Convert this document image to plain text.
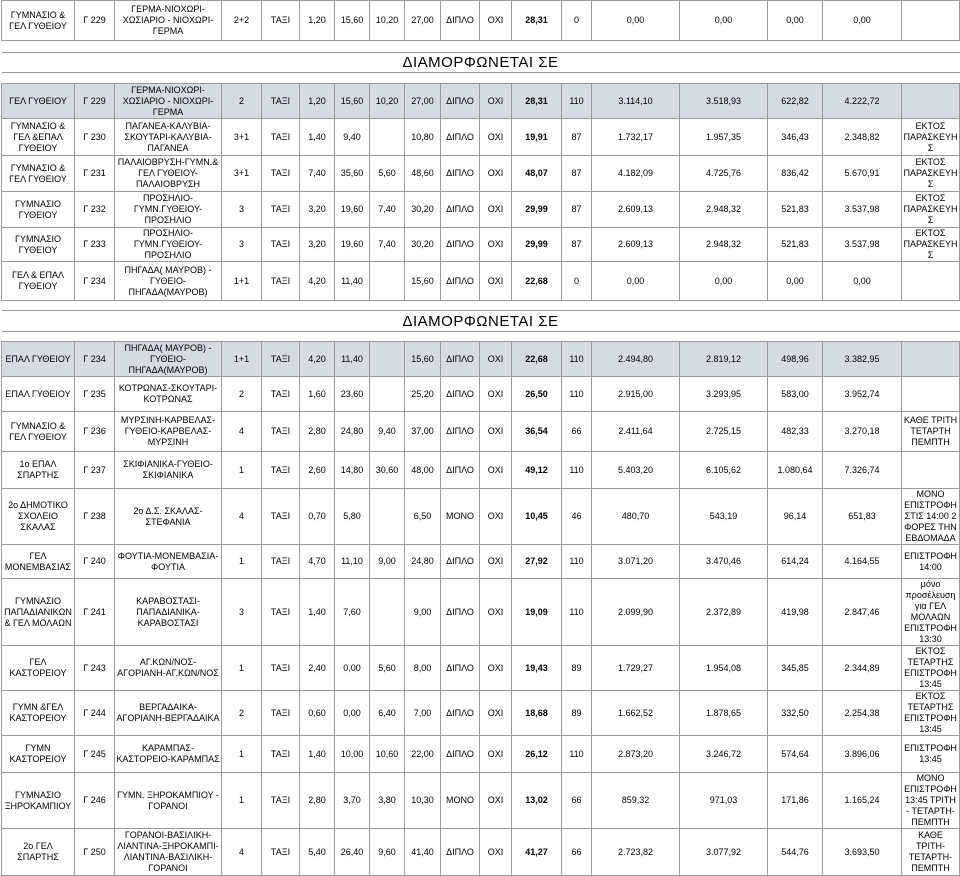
ΓΥΜΝΑΣΙΟ & ΓΕΛ ΓΥΘΕΙΟΥ	Γ 229	ΓΕΡΜΑ-ΝΙΟΧΩΡΙ-ΧΩΣΙΑΡΙΟ - ΝΙΟΧΩΡΙ-ΓΕΡΜΑ	2+2	ΤΑΞΙ	1,20	15,60	10,20	27,00	ΔΙΠΛΟ	ΟΧΙ	28,31	0	0,00	0,00	0,00	0,00	

ΔΙΑΜΟΡΦΩΝΕΤΑΙ ΣΕ																	

ΓΕΛ ΓΥΘΕΙΟΥ	Γ 229	ΓΕΡΜΑ-ΝΙΟΧΩΡΙ-ΧΩΣΙΑΡΙΟ - ΝΙΟΧΩΡΙ-ΓΕΡΜΑ	2	ΤΑΞΙ	1,20	15,60	10,20	27,00	ΔΙΠΛΟ	ΟΧΙ	28,31	110	3.114,10	3.518,93	622,82	4.222,72	
ΓΥΜΝΑΣΙΟ & ΓΕΛ &ΕΠΑΛ ΓΥΘΕΙΟΥ	Γ 230	ΠΑΓΑΝΕΑ-ΚΑΛΥΒΙΑ-ΣΚΟΥΤΑΡΙ-ΚΑΛΥΒΙΑ-ΠΑΓΑΝΕΑ	3+1	ΤΑΞΙ	1,40	9,40		10,80	ΔΙΠΛΟ	ΟΧΙ	19,91	87	1.732,17	1.957,35	346,43	2.348,82	ΕΚΤΟΣ ΠΑΡΑΣΚΕΥΗΣ
ΓΥΜΝΑΣΙΟ & ΓΕΛ ΓΥΘΕΙΟΥ	Γ 231	ΠΑΛΑΙΟΒΡΥΣΗ-ΓΥΜΝ.& ΓΕΛ ΓΥΘΕΙΟΥ-ΠΑΛΑΙΟΒΡΥΣΗ	3+1	ΤΑΞΙ	7,40	35,60	5,60	48,60	ΔΙΠΛΟ	ΟΧΙ	48,07	87	4.182,09	4.725,76	836,42	5.670,91	ΕΚΤΟΣ ΠΑΡΑΣΚΕΥΗΣ
ΓΥΜΝΑΣΙΟ ΓΥΘΕΙΟΥ	Γ 232	ΠΡΟΣΗΛΙΟ-ΓΥΜΝ.ΓΥΘΕΙΟΥ-ΠΡΟΣΗΛΙΟ	3	ΤΑΞΙ	3,20	19,60	7,40	30,20	ΔΙΠΛΟ	ΟΧΙ	29,99	87	2.609,13	2.948,32	521,83	3.537,98	ΕΚΤΟΣ ΠΑΡΑΣΚΕΥΗΣ
ΓΥΜΝΑΣΙΟ ΓΥΘΕΙΟΥ	Γ 233	ΠΡΟΣΗΛΙΟ-ΓΥΜΝ.ΓΥΘΕΙΟΥ-ΠΡΟΣΗΛΙΟ	3	ΤΑΞΙ	3,20	19,60	7,40	30,20	ΔΙΠΛΟ	ΟΧΙ	29,99	87	2.609,13	2.948,32	521,83	3.537,98	ΕΚΤΟΣ ΠΑΡΑΣΚΕΥΗΣ
ΓΕΛ & ΕΠΑΛ ΓΥΘΕΙΟΥ	Γ 234	ΠΗΓΑΔΑ( ΜΑΥΡΟΒ) - ΓΥΘΕΙΟ-ΠΗΓΑΔΑ(ΜΑΥΡΟΒ)	1+1	ΤΑΞΙ	4,20	11,40		15,60	ΔΙΠΛΟ	ΟΧΙ	22,68	0	0,00	0,00	0,00	0,00	

ΔΙΑΜΟΡΦΩΝΕΤΑΙ ΣΕ																	

ΕΠΑΛ ΓΥΘΕΙΟΥ	Γ 234	ΠΗΓΑΔΑ( ΜΑΥΡΟΒ) - ΓΥΘΕΙΟ-ΠΗΓΑΔΑ(ΜΑΥΡΟΒ)	1+1	ΤΑΞΙ	4,20	11,40		15,60	ΔΙΠΛΟ	ΟΧΙ	22,68	110	2.494,80	2.819,12	498,96	3.382,95	
ΕΠΑΛ ΓΥΘΕΙΟΥ	Γ 235	ΚΟΤΡΩΝΑΣ-ΣΚΟΥΤΑΡΙ-ΚΟΤΡΩΝΑΣ	2	ΤΑΞΙ	1,60	23,60		25,20	ΔΙΠΛΟ	ΟΧΙ	26,50	110	2.915,00	3.293,95	583,00	3.952,74	
ΓΥΜΝΑΣΙΟ & ΓΕΛ ΓΥΘΕΙΟΥ	Γ 236	ΜΥΡΣΙΝΗ-ΚΑΡΒΕΛΑΣ-ΓΥΘΕΙΟ-ΚΑΡΒΕΛΑΣ-ΜΥΡΣΙΝΗ	4	ΤΑΞΙ	2,80	24,80	9,40	37,00	ΔΙΠΛΟ	ΟΧΙ	36,54	66	2.411,64	2.725,15	482,33	3.270,18	ΚΑΘΕ ΤΡΙΤΗ ΤΕΤΑΡΤΗ ΠΕΜΠΤΗ
1ο ΕΠΑΛ ΣΠΑΡΤΗΣ	Γ 237	ΣΚΙΦΙΑΝΙΚΑ-ΓΥΘΕΙΟ-ΣΚΙΦΙΑΝΙΚΑ	1	ΤΑΞΙ	2,60	14,80	30,60	48,00	ΔΙΠΛΟ	ΟΧΙ	49,12	110	5.403,20	6.105,62	1.080,64	7.326,74	
2ο ΔΗΜΟΤΙΚΟ ΣΧΟΛΕΙΟ ΣΚΑΛΑΣ	Γ 238	2ο Δ.Σ. ΣΚΑΛΑΣ-ΣΤΕΦΑΝΙΑ	4	ΤΑΞΙ	0,70	5,80		6,50	ΜΟΝΟ	ΟΧΙ	10,45	46	480,70	543,19	96,14	651,83	ΜΟΝΟ ΕΠΙΣΤΡΟΦΗ ΣΤΙΣ 14:00 2 ΦΟΡΕΣ ΤΗΝ ΕΒΔΟΜΑΔΑ
ΓΕΛ ΜΟΝΕΜΒΑΣΙΑΣ	Γ 240	ΦΟΥΤΙΑ-ΜΟΝΕΜΒΑΣΙΑ-ΦΟΥΤΙΑ	1	ΤΑΞΙ	4,70	11,10	9,00	24,80	ΔΙΠΛΟ	ΟΧΙ	27,92	110	3.071,20	3.470,46	614,24	4.164,55	ΕΠΙΣΤΡΟΦΗ 14:00
ΓΥΜΝΑΣΙΟ ΠΑΠΑΔΙΑΝΙΚΩΝ & ΓΕΛ ΜΟΛΑΩΝ	Γ 241	ΚΑΡΑΒΟΣΤΑΣΙ-ΠΑΠΑΔΙΑΝΙΚΑ-ΚΑΡΑΒΟΣΤΑΣΙ	3	ΤΑΞΙ	1,40	7,60		9,00	ΔΙΠΛΟ	ΟΧΙ	19,09	110	2.099,90	2.372,89	419,98	2.847,46	μόνο προσέλευση για ΓΕΛ ΜΟΛΑΩΝ ΕΠΙΣΤΡΟΦΗ 13:30
ΓΕΛ ΚΑΣΤΟΡΕΙΟΥ	Γ 243	ΑΓ.ΚΩΝ/ΝΟΣ-ΑΓΟΡΙΑΝΗ-ΑΓ.ΚΩΝ/ΝΟΣ	1	ΤΑΞΙ	2,40	0,00	5,60	8,00	ΔΙΠΛΟ	ΟΧΙ	19,43	89	1.729,27	1.954,08	345,85	2.344,89	ΕΚΤΟΣ ΤΕΤΑΡΤΗΣ ΕΠΙΣΤΡΟΦΗ 13:45
ΓΥΜΝ &ΓΕΛ ΚΑΣΤΟΡΕΙΟΥ	Γ 244	ΒΕΡΓΑΔΑΙΚΑ-ΑΓΟΡΙΑΝΗ-ΒΕΡΓΑΔΑΙΚΑ	2	ΤΑΞΙ	0,60	0,00	6,40	7,00	ΔΙΠΛΟ	ΟΧΙ	18,68	89	1.662,52	1.878,65	332,50	2.254,38	ΕΚΤΟΣ ΤΕΤΑΡΤΗΣ ΕΠΙΣΤΡΟΦΗ 13:45
ΓΥΜΝ ΚΑΣΤΟΡΕΙΟΥ	Γ 245	ΚΑΡΑΜΠΑΣ-ΚΑΣΤΟΡΕΙΟ-ΚΑΡΑΜΠΑΣ	1	ΤΑΞΙ	1,40	10,00	10,60	22,00	ΔΙΠΛΟ	ΟΧΙ	26,12	110	2.873,20	3.246,72	574,64	3.896,06	ΕΠΙΣΤΡΟΦΗ 13:45
ΓΥΜΝΑΣΙΟ ΞΗΡΟΚΑΜΠΙΟΥ	Γ 246	ΓΥΜΝ. ΞΗΡΟΚΑΜΠΙΟΥ - ΓΟΡΑΝΟΙ	1	ΤΑΞΙ	2,80	3,70	3,80	10,30	ΜΟΝΟ	ΟΧΙ	13,02	66	859,32	971,03	171,86	1.165,24	ΜΟΝΟ ΕΠΙΣΤΡΟΦΗ 13:45 ΤΡΙΤΗ - ΤΕΤΑΡΤΗ-ΠΕΜΠΤΗ
2ο ΓΕΛ ΣΠΑΡΤΗΣ	Γ 250	ΓΟΡΑΝΟΙ-ΒΑΣΙΛΙΚΗ-ΛΙΑΝΤΙΝΑ-ΞΗΡΟΚΑΜΠΙ-ΛΙΑΝΤΙΝΑ-ΒΑΣΙΛΙΚΗ-ΓΟΡΑΝΟΙ	4	ΤΑΞΙ	5,40	26,40	9,60	41,40	ΔΙΠΛΟ	ΟΧΙ	41,27	66	2.723,82	3.077,92	544,76	3.693,50	ΚΑΘΕ ΤΡΙΤΗ-ΤΕΤΑΡΤΗ-ΠΕΜΠΤΗ
